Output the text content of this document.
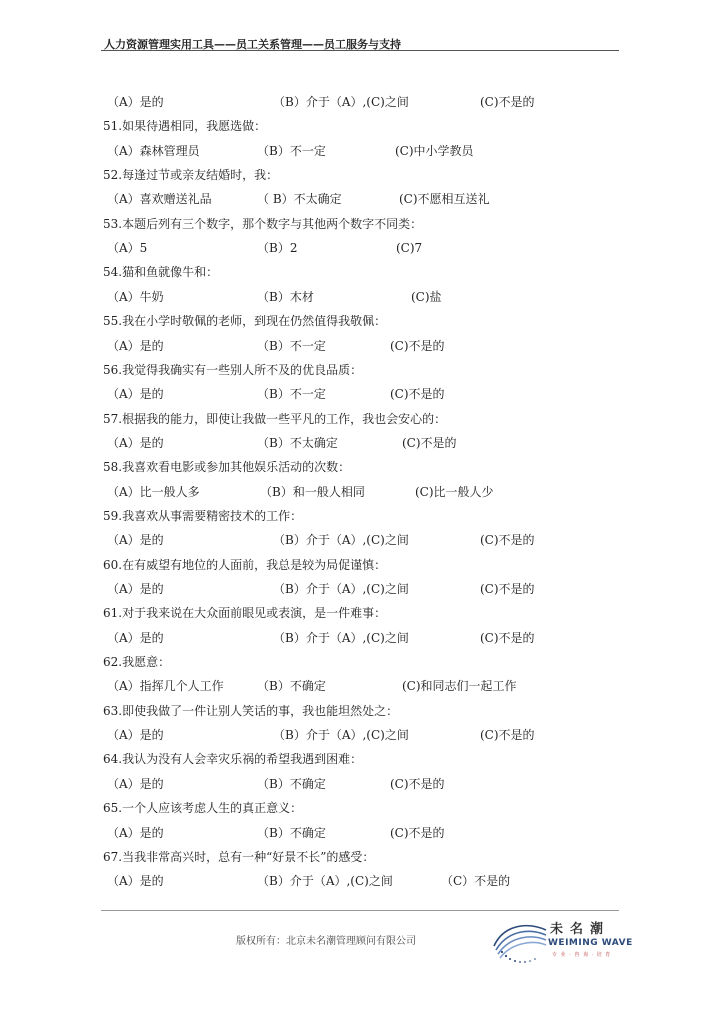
人力资源管理实用工具——员工关系管理——员工服务与支持
（A）是的	（B）介于（A）,(C)之间	(C)不是的
51.如果待遇相同，我愿选做：
（A）森林管理员	（B）不一定	(C)中小学教员
52.每逢过节或亲友结婚时，我：
（A）喜欢赠送礼品	（ B）不太确定	(C)不愿相互送礼
53.本题后列有三个数字，那个数字与其他两个数字不同类：
（A）5	（B）2	(C)7
54.猫和鱼就像牛和：
（A）牛奶	（B）木材	(C)盐
55.我在小学时敬佩的老师，到现在仍然值得我敬佩：
（A）是的	（B）不一定	(C)不是的
56.我觉得我确实有一些别人所不及的优良品质：
（A）是的	（B）不一定	(C)不是的
57.根据我的能力，即使让我做一些平凡的工作，我也会安心的：
（A）是的	（B）不太确定	(C)不是的
58.我喜欢看电影或参加其他娱乐活动的次数：
（A）比一般人多	（B）和一般人相同	(C)比一般人少
59.我喜欢从事需要精密技术的工作：
（A）是的	（B）介于（A）,(C)之间	(C)不是的
60.在有威望有地位的人面前，我总是较为局促谨慎：
（A）是的	（B）介于（A）,(C)之间	(C)不是的
61.对于我来说在大众面前眼见或表演，是一件难事：
（A）是的	（B）介于（A）,(C)之间	(C)不是的
62.我愿意：
（A）指挥几个人工作	（B）不确定	(C)和同志们一起工作
63.即使我做了一件让别人笑话的事，我也能坦然处之：
（A）是的	（B）介于（A）,(C)之间	(C)不是的
64.我认为没有人会幸灾乐祸的希望我遇到困难：
（A）是的	（B）不确定	(C)不是的
65.一个人应该考虑人生的真正意义：
（A）是的	（B）不确定	(C)不是的
67.当我非常高兴时，总有一种“好景不长”的感受：
（A）是的	（B）介于（A）,(C)之间	（C）不是的
版权所有：北京未名潮管理顾问有限公司
未名潮
WEIMING WAVE
专 业 · 咨 询 · 培 育
